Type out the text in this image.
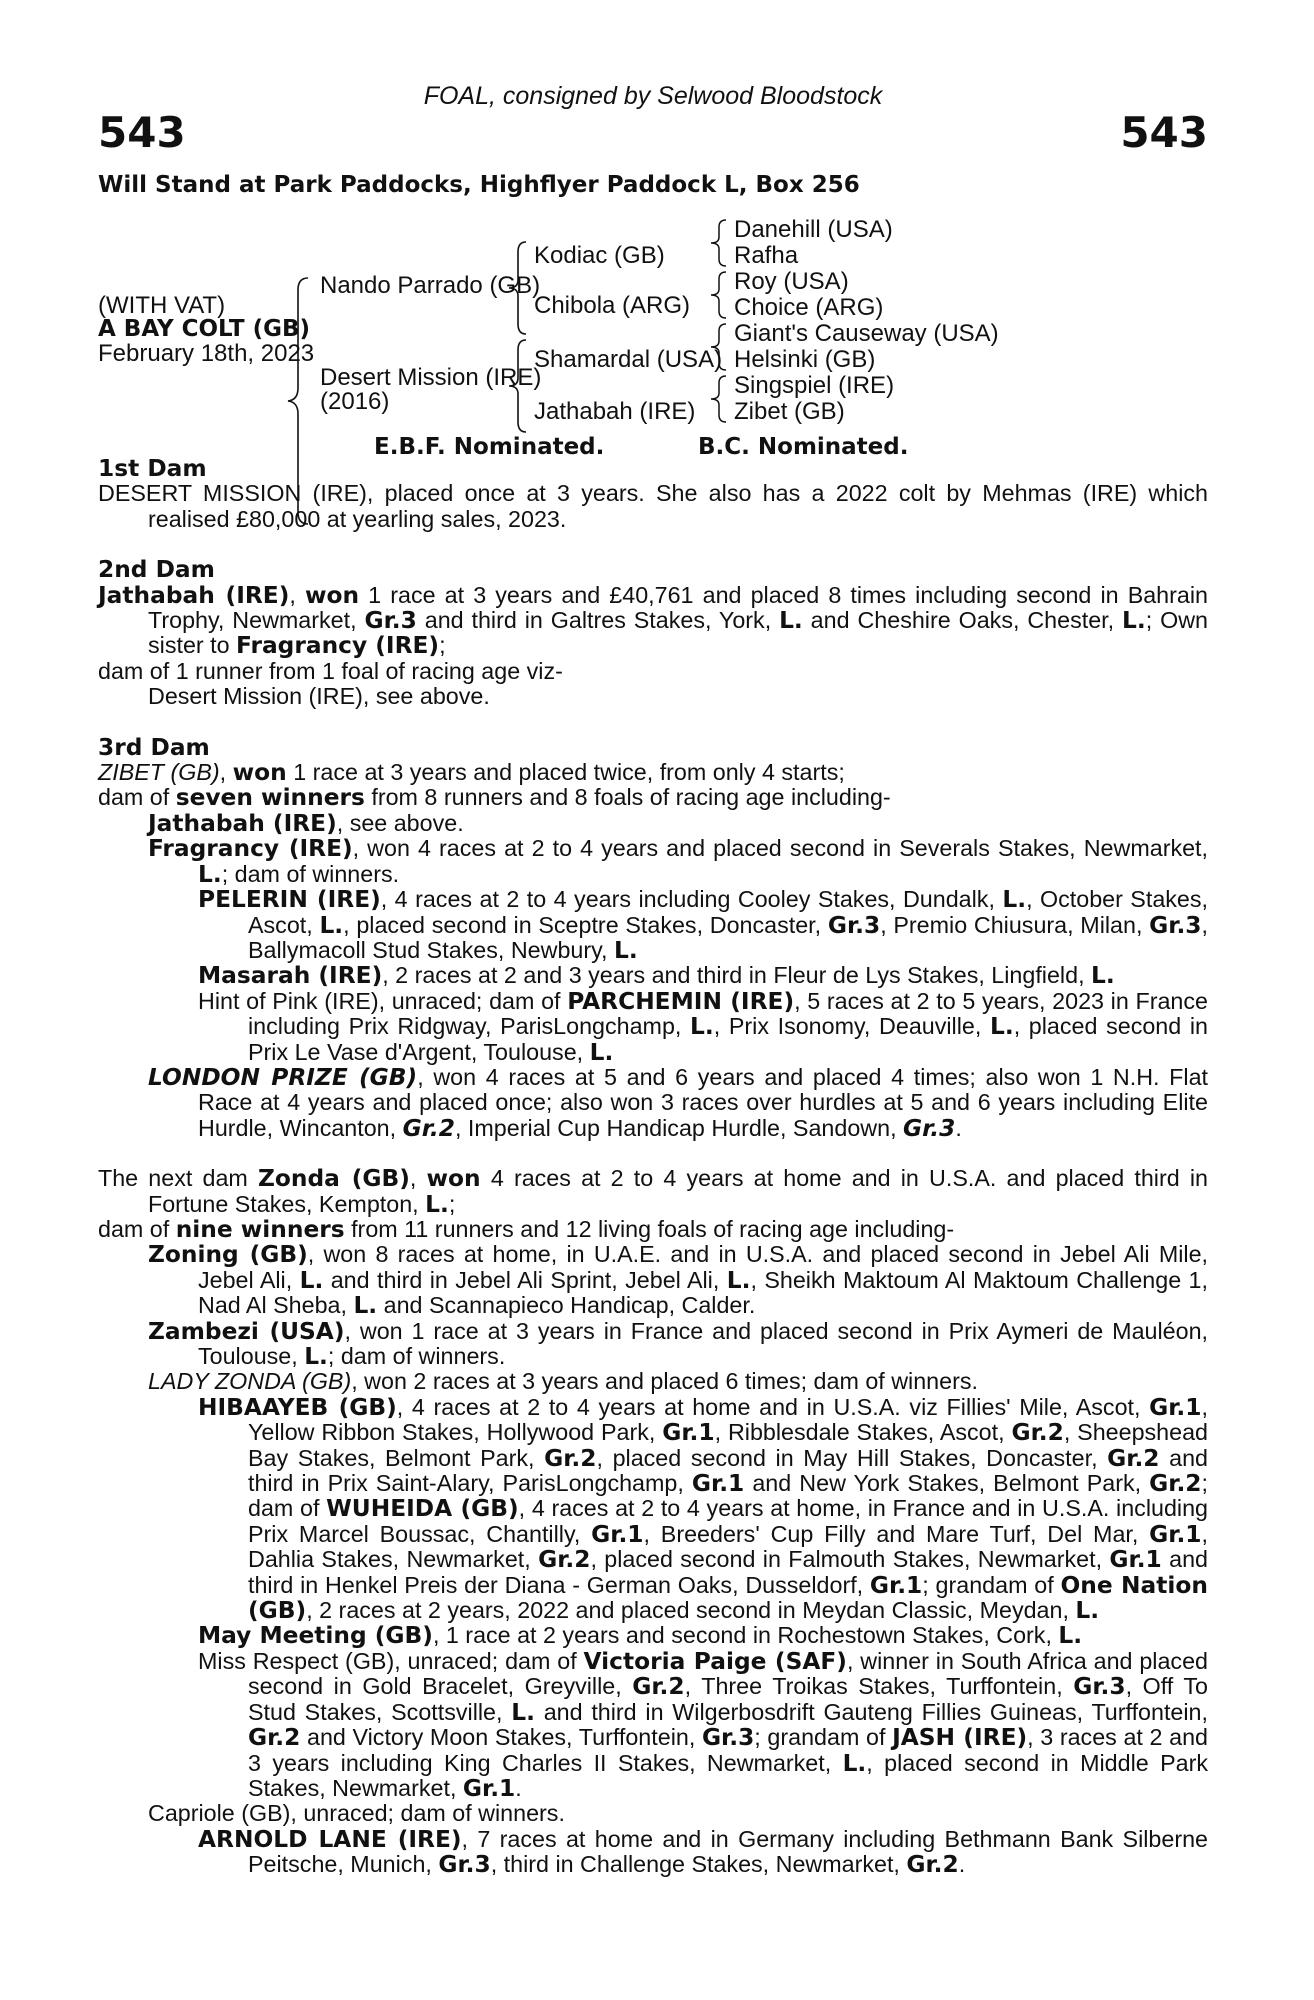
FOAL, consigned by Selwood Bloodstock
543	543
Will Stand at Park Paddocks, Highflyer Paddock L, Box 256
(WITH VAT)
A BAY COLT (GB)
February 18th, 2023
Nando Parrado (GB)
Desert Mission (IRE)
(2016)
Kodiac (GB)
Chibola (ARG)
Shamardal (USA)
Jathabah (IRE)
Danehill (USA)
Rafha
Roy (USA)
Choice (ARG)
Giant's Causeway (USA)
Helsinki (GB)
Singspiel (IRE)
Zibet (GB)
E.B.F. Nominated.	B.C. Nominated.

1st Dam

DESERT MISSION (IRE), placed once at 3 years. She also has a 2022 colt by Mehmas (IRE) which realised £80,000 at yearling sales, 2023.

2nd Dam

Jathabah (IRE), won 1 race at 3 years and £40,761 and placed 8 times including second in Bahrain Trophy, Newmarket, Gr.3 and third in Galtres Stakes, York, L. and Cheshire Oaks, Chester, L.; Own sister to Fragrancy (IRE);

dam of 1 runner from 1 foal of racing age viz-

Desert Mission (IRE), see above.

3rd Dam

ZIBET (GB), won 1 race at 3 years and placed twice, from only 4 starts;

dam of seven winners from 8 runners and 8 foals of racing age including-

Jathabah (IRE), see above.

Fragrancy (IRE), won 4 races at 2 to 4 years and placed second in Severals Stakes, Newmarket, L.; dam of winners.

PELERIN (IRE), 4 races at 2 to 4 years including Cooley Stakes, Dundalk, L., October Stakes, Ascot, L., placed second in Sceptre Stakes, Doncaster, Gr.3, Premio Chiusura, Milan, Gr.3, Ballymacoll Stud Stakes, Newbury, L.

Masarah (IRE), 2 races at 2 and 3 years and third in Fleur de Lys Stakes, Lingfield, L.

Hint of Pink (IRE), unraced; dam of PARCHEMIN (IRE), 5 races at 2 to 5 years, 2023 in France including Prix Ridgway, ParisLongchamp, L., Prix Isonomy, Deauville, L., placed second in Prix Le Vase d'Argent, Toulouse, L.

LONDON PRIZE (GB), won 4 races at 5 and 6 years and placed 4 times; also won 1 N.H. Flat Race at 4 years and placed once; also won 3 races over hurdles at 5 and 6 years including Elite Hurdle, Wincanton, Gr.2, Imperial Cup Handicap Hurdle, Sandown, Gr.3.

The next dam Zonda (GB), won 4 races at 2 to 4 years at home and in U.S.A. and placed third in Fortune Stakes, Kempton, L.;

dam of nine winners from 11 runners and 12 living foals of racing age including-

Zoning (GB), won 8 races at home, in U.A.E. and in U.S.A. and placed second in Jebel Ali Mile, Jebel Ali, L. and third in Jebel Ali Sprint, Jebel Ali, L., Sheikh Maktoum Al Maktoum Challenge 1, Nad Al Sheba, L. and Scannapieco Handicap, Calder.

Zambezi (USA), won 1 race at 3 years in France and placed second in Prix Aymeri de Mauléon, Toulouse, L.; dam of winners.

LADY ZONDA (GB), won 2 races at 3 years and placed 6 times; dam of winners.

HIBAAYEB (GB), 4 races at 2 to 4 years at home and in U.S.A. viz Fillies' Mile, Ascot, Gr.1, Yellow Ribbon Stakes, Hollywood Park, Gr.1, Ribblesdale Stakes, Ascot, Gr.2, Sheepshead Bay Stakes, Belmont Park, Gr.2, placed second in May Hill Stakes, Doncaster, Gr.2 and third in Prix Saint-Alary, ParisLongchamp, Gr.1 and New York Stakes, Belmont Park, Gr.2; dam of WUHEIDA (GB), 4 races at 2 to 4 years at home, in France and in U.S.A. including Prix Marcel Boussac, Chantilly, Gr.1, Breeders' Cup Filly and Mare Turf, Del Mar, Gr.1, Dahlia Stakes, Newmarket, Gr.2, placed second in Falmouth Stakes, Newmarket, Gr.1 and third in Henkel Preis der Diana - German Oaks, Dusseldorf, Gr.1; grandam of One Nation (GB), 2 races at 2 years, 2022 and placed second in Meydan Classic, Meydan, L.

May Meeting (GB), 1 race at 2 years and second in Rochestown Stakes, Cork, L.

Miss Respect (GB), unraced; dam of Victoria Paige (SAF), winner in South Africa and placed second in Gold Bracelet, Greyville, Gr.2, Three Troikas Stakes, Turffontein, Gr.3, Off To Stud Stakes, Scottsville, L. and third in Wilgerbosdrift Gauteng Fillies Guineas, Turffontein, Gr.2 and Victory Moon Stakes, Turffontein, Gr.3; grandam of JASH (IRE), 3 races at 2 and 3 years including King Charles II Stakes, Newmarket, L., placed second in Middle Park Stakes, Newmarket, Gr.1.

Capriole (GB), unraced; dam of winners.

ARNOLD LANE (IRE), 7 races at home and in Germany including Bethmann Bank Silberne Peitsche, Munich, Gr.3, third in Challenge Stakes, Newmarket, Gr.2.
